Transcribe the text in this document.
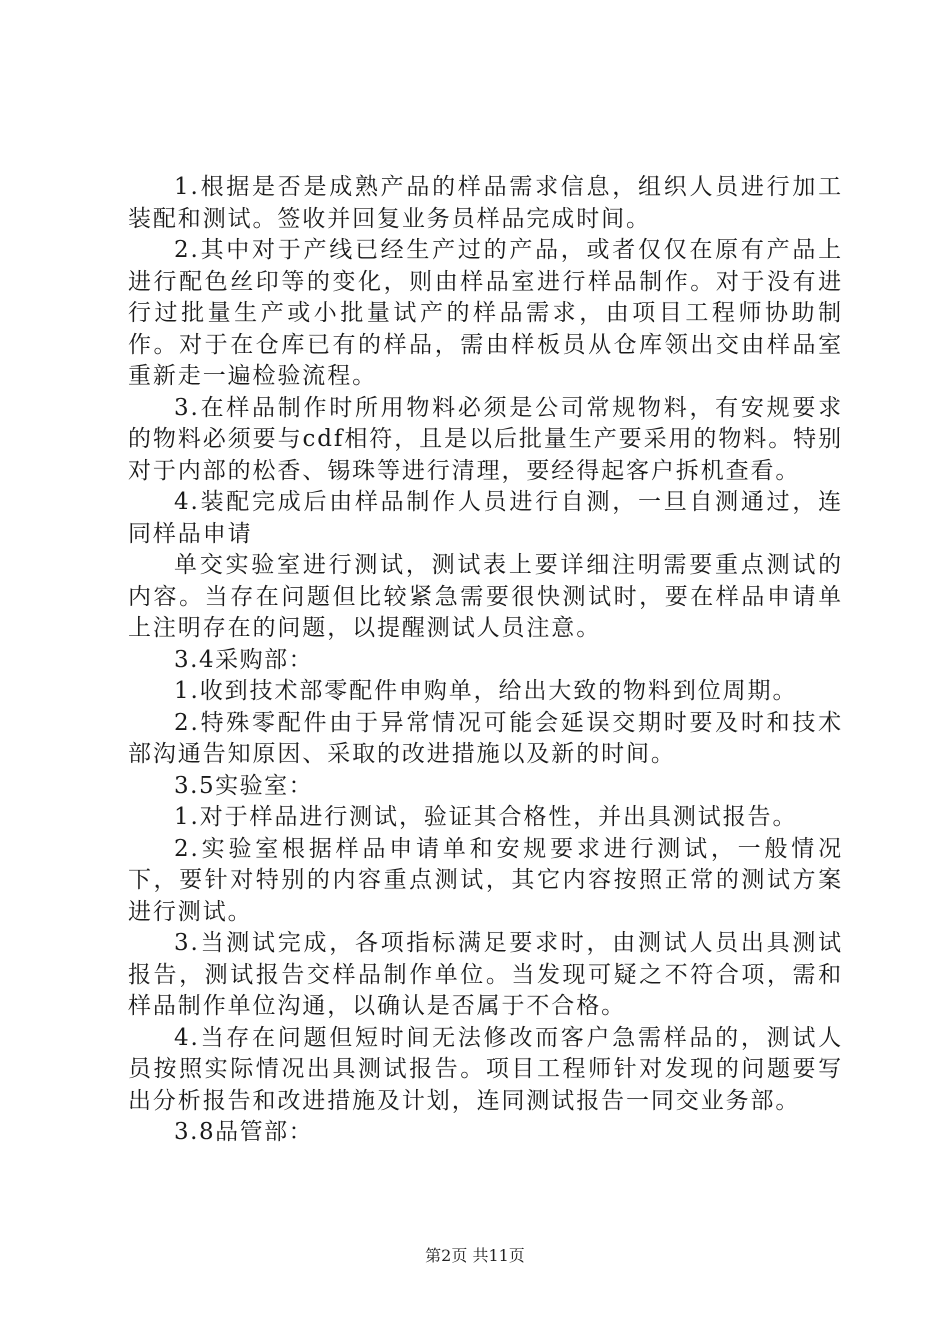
1.根据是否是成熟产品的样品需求信息，组织人员进行加工装配和测试。签收并回复业务员样品完成时间。

2.其中对于产线已经生产过的产品，或者仅仅在原有产品上进行配色丝印等的变化，则由样品室进行样品制作。对于没有进行过批量生产或小批量试产的样品需求，由项目工程师协助制作。对于在仓库已有的样品，需由样板员从仓库领出交由样品室重新走一遍检验流程。

3.在样品制作时所用物料必须是公司常规物料，有安规要求的物料必须要与cdf相符，且是以后批量生产要采用的物料。特别对于内部的松香、锡珠等进行清理，要经得起客户拆机查看。

4.装配完成后由样品制作人员进行自测，一旦自测通过，连同样品申请

单交实验室进行测试，测试表上要详细注明需要重点测试的内容。当存在问题但比较紧急需要很快测试时，要在样品申请单上注明存在的问题，以提醒测试人员注意。

3.4采购部：

1.收到技术部零配件申购单，给出大致的物料到位周期。

2.特殊零配件由于异常情况可能会延误交期时要及时和技术部沟通告知原因、采取的改进措施以及新的时间。

3.5实验室：

1.对于样品进行测试，验证其合格性，并出具测试报告。

2.实验室根据样品申请单和安规要求进行测试，一般情况下，要针对特别的内容重点测试，其它内容按照正常的测试方案进行测试。

3.当测试完成，各项指标满足要求时，由测试人员出具测试报告，测试报告交样品制作单位。当发现可疑之不符合项，需和样品制作单位沟通，以确认是否属于不合格。

4.当存在问题但短时间无法修改而客户急需样品的，测试人员按照实际情况出具测试报告。项目工程师针对发现的问题要写出分析报告和改进措施及计划，连同测试报告一同交业务部。

3.8品管部：

第2页 共11页
